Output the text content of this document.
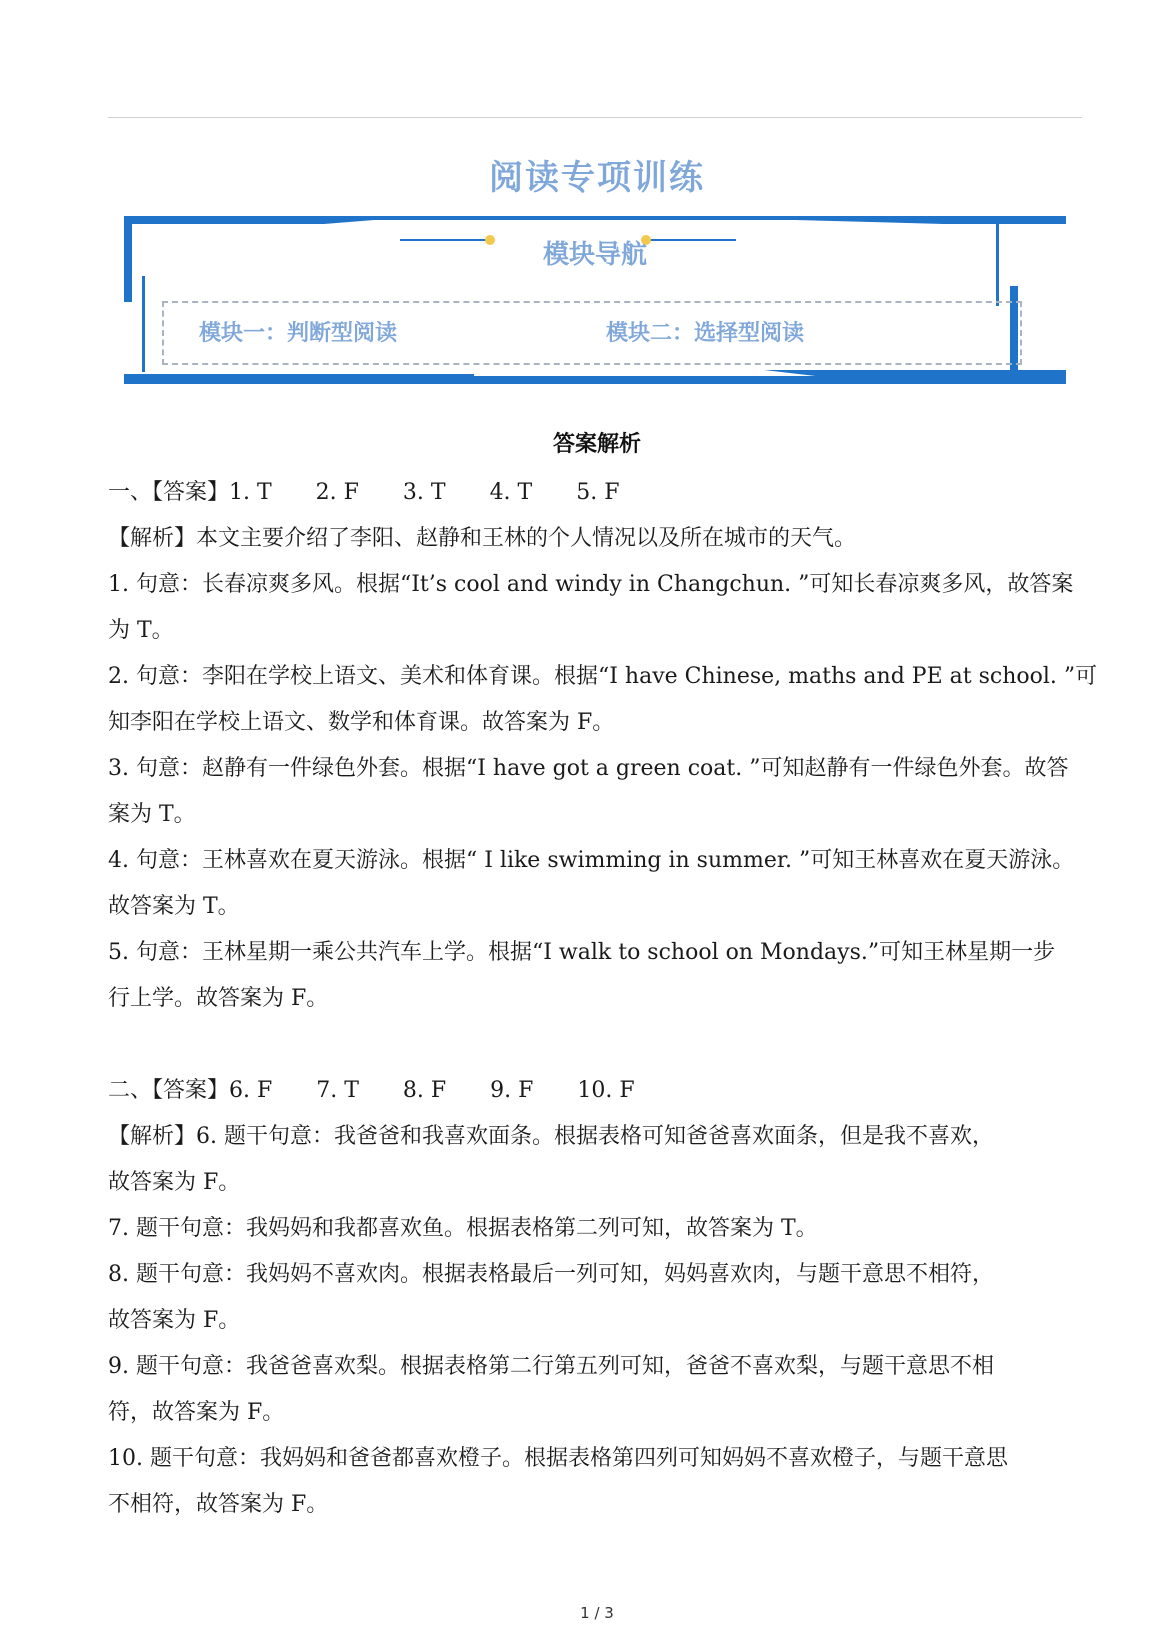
阅读专项训练
模块导航
模块一：判断型阅读	模块二：选择型阅读
答案解析
一、【答案】1. T　　2. F　　3. T　　4. T　　5. F
【解析】本文主要介绍了李阳、赵静和王林的个人情况以及所在城市的天气。
1. 句意：长春凉爽多风。根据“It’s cool and windy in Changchun. ”可知长春凉爽多风，故答案
为 T。
2. 句意：李阳在学校上语文、美术和体育课。根据“I have Chinese, maths and PE at school. ”可
知李阳在学校上语文、数学和体育课。故答案为 F。
3. 句意：赵静有一件绿色外套。根据“I have got a green coat. ”可知赵静有一件绿色外套。故答
案为 T。
4. 句意：王林喜欢在夏天游泳。根据“ I like swimming in summer. ”可知王林喜欢在夏天游泳。
故答案为 T。
5. 句意：王林星期一乘公共汽车上学。根据“I walk to school on Mondays.”可知王林星期一步
行上学。故答案为 F。
二、【答案】6. F　　7. T　　8. F　　9. F　　10. F
【解析】6. 题干句意：我爸爸和我喜欢面条。根据表格可知爸爸喜欢面条，但是我不喜欢，
故答案为 F。
7. 题干句意：我妈妈和我都喜欢鱼。根据表格第二列可知，故答案为 T。
8. 题干句意：我妈妈不喜欢肉。根据表格最后一列可知，妈妈喜欢肉，与题干意思不相符，
故答案为 F。
9. 题干句意：我爸爸喜欢梨。根据表格第二行第五列可知，爸爸不喜欢梨，与题干意思不相
符，故答案为 F。
10. 题干句意：我妈妈和爸爸都喜欢橙子。根据表格第四列可知妈妈不喜欢橙子，与题干意思
不相符，故答案为 F。
1 / 3
